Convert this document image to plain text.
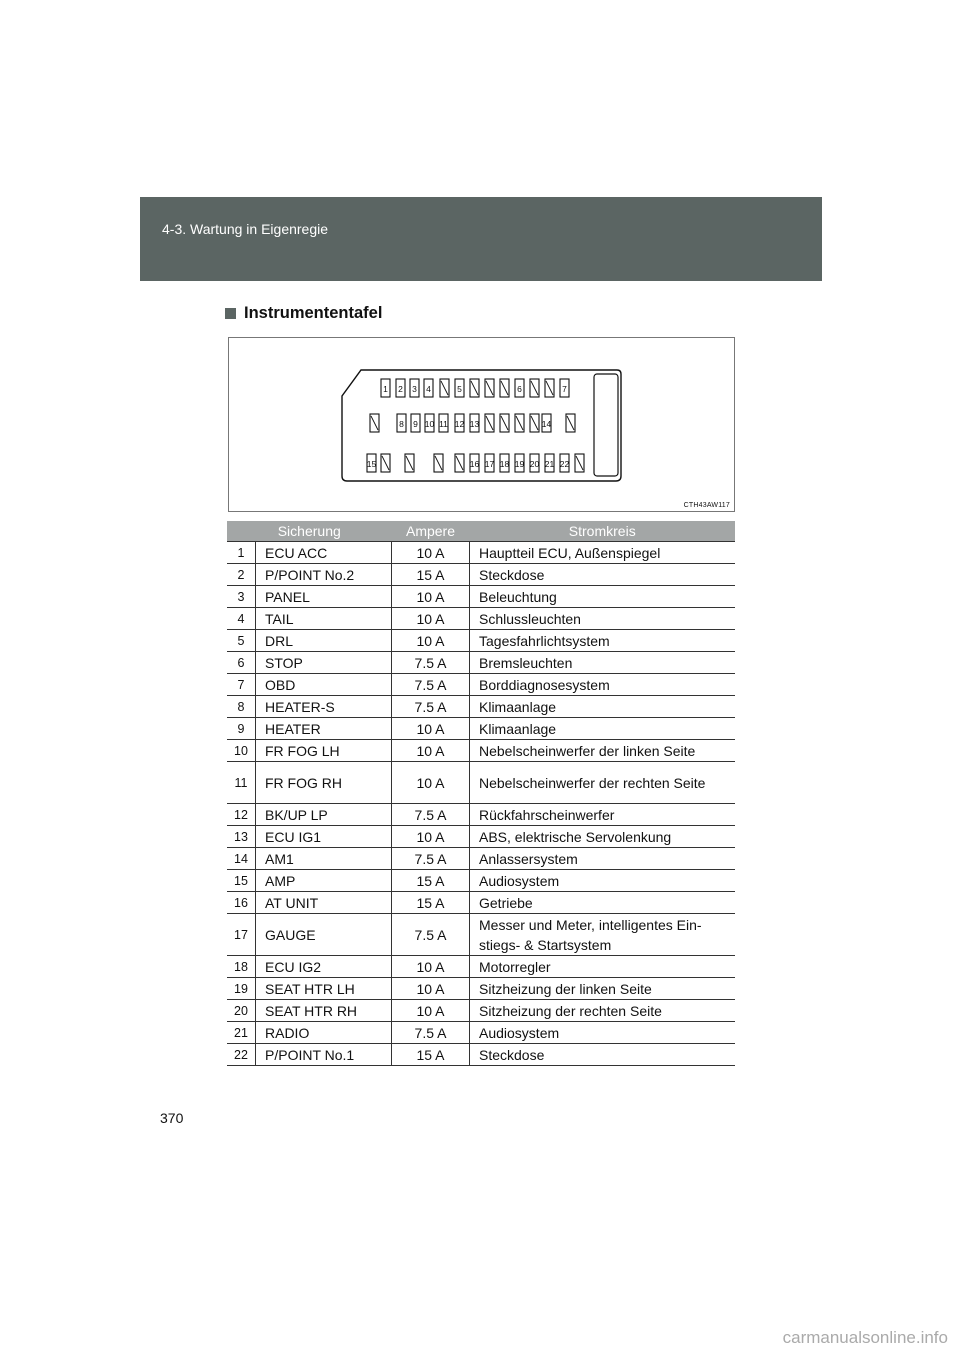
4-3. Wartung in Eigenregie
Instrumententafel
1 2 3 4	5	6	7
8 9 10 11 12 13	14
15	16 17 18 19 20 21 22
CTH43AW117
Sicherung		Ampere	Stromkreis
1	ECU ACC	10 A	Hauptteil ECU, Außenspiegel
2	P/POINT No.2	15 A	Steckdose
3	PANEL	10 A	Beleuchtung
4	TAIL	10 A	Schlussleuchten
5	DRL	10 A	Tagesfahrlichtsystem
6	STOP	7.5 A	Bremsleuchten
7	OBD	7.5 A	Borddiagnosesystem
8	HEATER-S	7.5 A	Klimaanlage
9	HEATER	10 A	Klimaanlage
10	FR FOG LH	10 A	Nebelscheinwerfer der linken Seite
11	FR FOG RH	10 A	Nebelscheinwerfer der rechten Seite
12	BK/UP LP	7.5 A	Rückfahrscheinwerfer
13	ECU IG1	10 A	ABS, elektrische Servolenkung
14	AM1	7.5 A	Anlassersystem
15	AMP	15 A	Audiosystem
16	AT UNIT	15 A	Getriebe
17	GAUGE	7.5 A	Messer und Meter, intelligentes Ein-stiegs- & Startsystem
18	ECU IG2	10 A	Motorregler
19	SEAT HTR LH	10 A	Sitzheizung der linken Seite
20	SEAT HTR RH	10 A	Sitzheizung der rechten Seite
21	RADIO	7.5 A	Audiosystem
22	P/POINT No.1	15 A	Steckdose
370
carmanualsonline.info
